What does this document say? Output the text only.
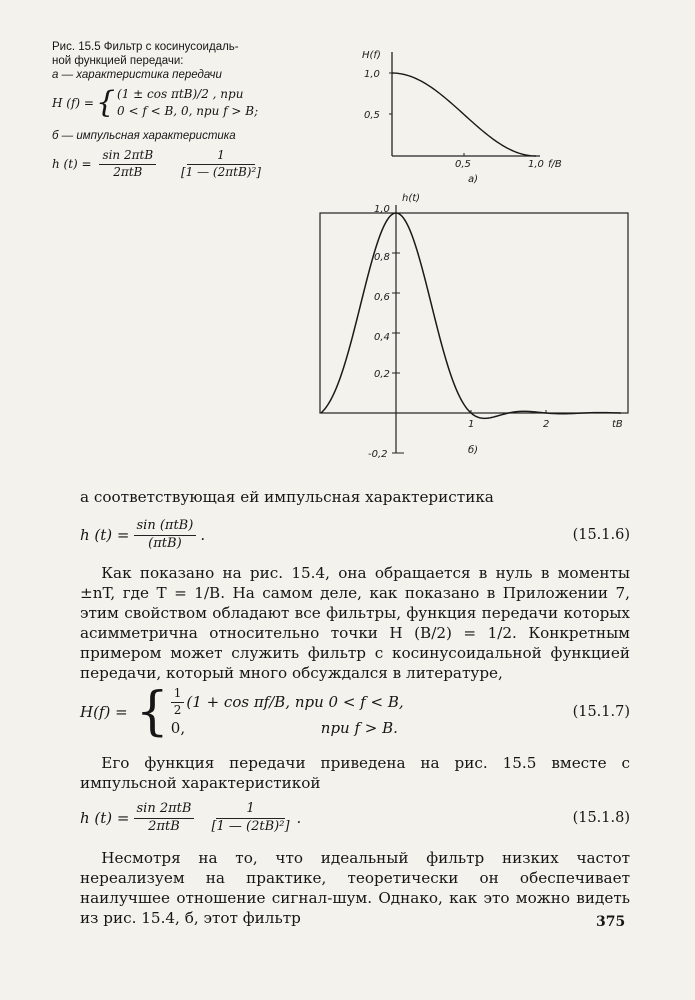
Рис. 15.5 Фильтр с косинусоидаль-
ной функцией передачи:
а — характеристика передачи
H (f) = { (1 ± cos πtB)/2 , при
0 < f < B, 0, при f > B;
б — импульсная характеристика
h $(t) = \frac{\text{sin 2πtB}}{\text{2πtB}}$
$\frac{1}{\text{[1 — (2πtB)²]}}$
H(f)
1,0
0,5
0,5	1,0 f/B
а)
h(t)
1,0
0,8
0,6
0,4
0,2
-0,2
1	2	tB
б)
а соответствующая ей импульсная характеристика
h $(t) = \frac{\text{sin (πtB)}}{\text{(πtB)}}$ .	(15.1.6)
Как показано на рис. 15.4, она обращается в нуль в моменты ±nT, где T = 1/B. На самом деле, как показано в Приложении 7, этим свойством обладают все фильтры, функция передачи которых асимметрична относительно точки H (B/2) = 1/2. Конкретным примером может служить фильтр с косинусоидальной функцией передачи, который много обсуждался в литературе,
H(f) = { $\frac{1}{2} (1 + \cos \pi f/B$, при 0 < f < B,
0,	при f > B.
(15.1.7)
Его функция передачи приведена на рис. 15.5 вместе с импульсной характеристикой
h $(t) = \frac{\text{sin 2πtB}}{\text{2πtB}} \frac{1}{\text{[1 — (2tB)²]}}$ .	(15.1.8)
Несмотря на то, что идеальный фильтр низких частот нереализуем на практике, теоретически он обеспечивает наилучшее отношение сигнал-шум. Однако, как это можно видеть из рис. 15.4, б, этот фильтр	375
